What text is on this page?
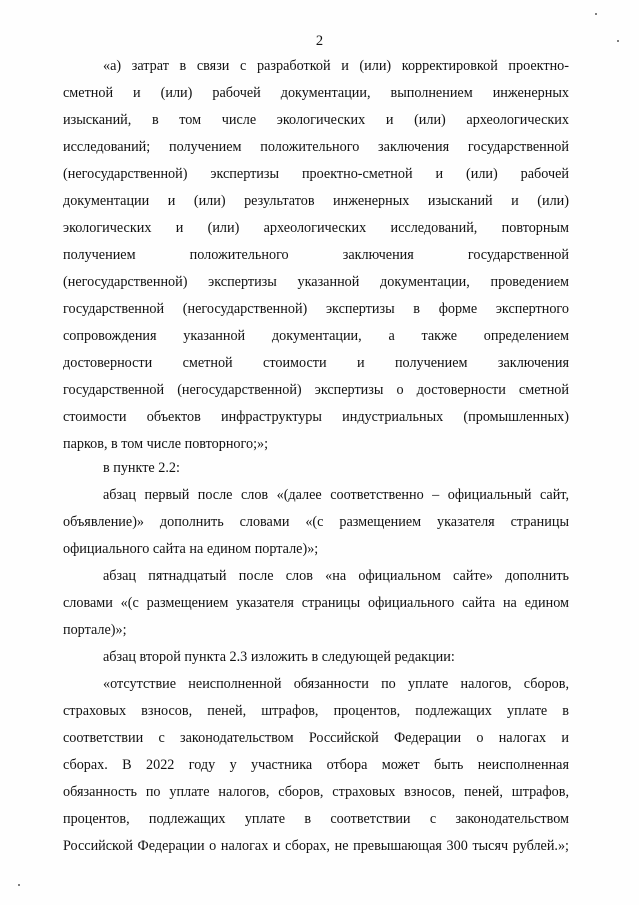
2
«а) затрат в связи с разработкой и (или) корректировкой проектно-
сметной и (или) рабочей документации, выполнением инженерных
изысканий, в том числе экологических и (или) археологических
исследований; получением положительного заключения государственной
(негосударственной) экспертизы проектно-сметной и (или) рабочей
документации и (или) результатов инженерных изысканий и (или)
экологических и (или) археологических исследований, повторным
получением положительного заключения государственной
(негосударственной) экспертизы указанной документации, проведением
государственной (негосударственной) экспертизы в форме экспертного
сопровождения указанной документации, а также определением
достоверности сметной стоимости и получением заключения
государственной (негосударственной) экспертизы о достоверности сметной
стоимости объектов инфраструктуры индустриальных (промышленных)
парков, в том числе повторного;»;
в пункте 2.2:
абзац первый после слов «(далее соответственно – официальный сайт,
объявление)» дополнить словами «(с размещением указателя страницы
официального сайта на едином портале)»;
абзац пятнадцатый после слов «на официальном сайте» дополнить
словами «(с размещением указателя страницы официального сайта на едином
портале)»;
абзац второй пункта 2.3 изложить в следующей редакции:
«отсутствие неисполненной обязанности по уплате налогов, сборов,
страховых взносов, пеней, штрафов, процентов, подлежащих уплате в
соответствии с законодательством Российской Федерации о налогах и
сборах. В 2022 году у участника отбора может быть неисполненная
обязанность по уплате налогов, сборов, страховых взносов, пеней, штрафов,
процентов, подлежащих уплате в соответствии с законодательством
Российской Федерации о налогах и сборах, не превышающая 300 тысяч рублей.»;
